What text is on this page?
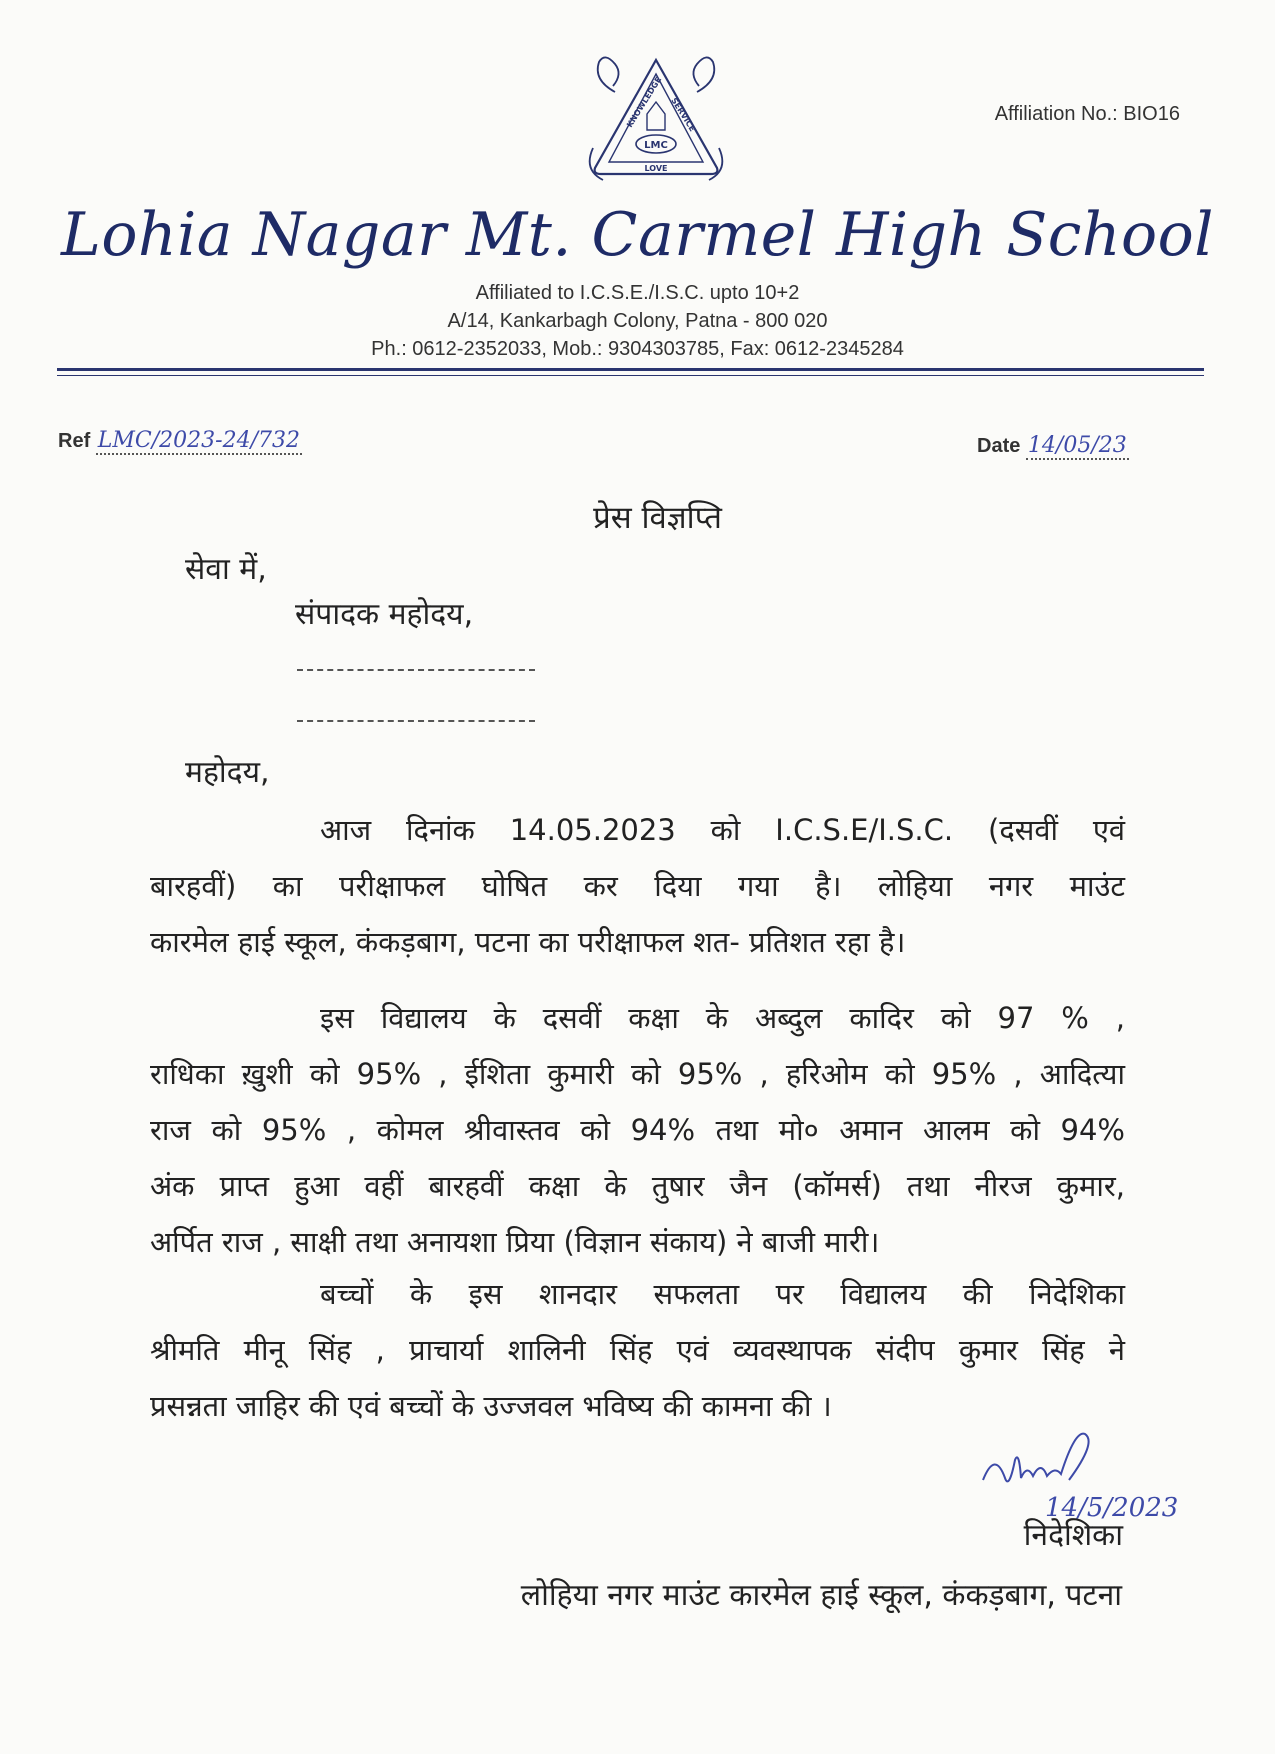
KNOWLEDGE SERVICE
LMC
LOVE
Affiliation No.: BIO16
Lohia Nagar Mt. Carmel High School
Affiliated to I.C.S.E./I.S.C. upto 10+2
A/14, Kankarbagh Colony, Patna - 800 020
Ph.: 0612-2352033, Mob.: 9304303785, Fax: 0612-2345284
Ref LMC/2023-24/732	Date 14/05/23
प्रेस विज्ञप्ति
सेवा में,
संपादक महोदय,
महोदय,
आज दिनांक 14.05.2023 को I.C.S.E/I.S.C. (दसवीं एवं
बारहवीं) का परीक्षाफल घोषित कर दिया गया है। लोहिया नगर माउंट
कारमेल हाई स्कूल, कंकड़बाग, पटना का परीक्षाफल शत- प्रतिशत रहा है।
इस विद्यालय के दसवीं कक्षा के अब्दुल कादिर को 97 % ,
राधिका ख़ुशी को 95% , ईशिता कुमारी को 95% , हरिओम को 95% , आदित्या
राज को 95% , कोमल श्रीवास्तव को 94% तथा मो० अमान आलम को 94%
अंक प्राप्त हुआ वहीं बारहवीं कक्षा के तुषार जैन (कॉमर्स) तथा नीरज कुमार,
अर्पित राज , साक्षी तथा अनायशा प्रिया (विज्ञान संकाय) ने बाजी मारी।
बच्चों के इस शानदार सफलता पर विद्यालय की निदेशिका
श्रीमति मीनू सिंह , प्राचार्या शालिनी सिंह एवं व्यवस्थापक संदीप कुमार सिंह ने
प्रसन्नता जाहिर की एवं बच्चों के उज्जवल भविष्य की कामना की ।
14/5/2023
निदेशिका
लोहिया नगर माउंट कारमेल हाई स्कूल, कंकड़बाग, पटना
